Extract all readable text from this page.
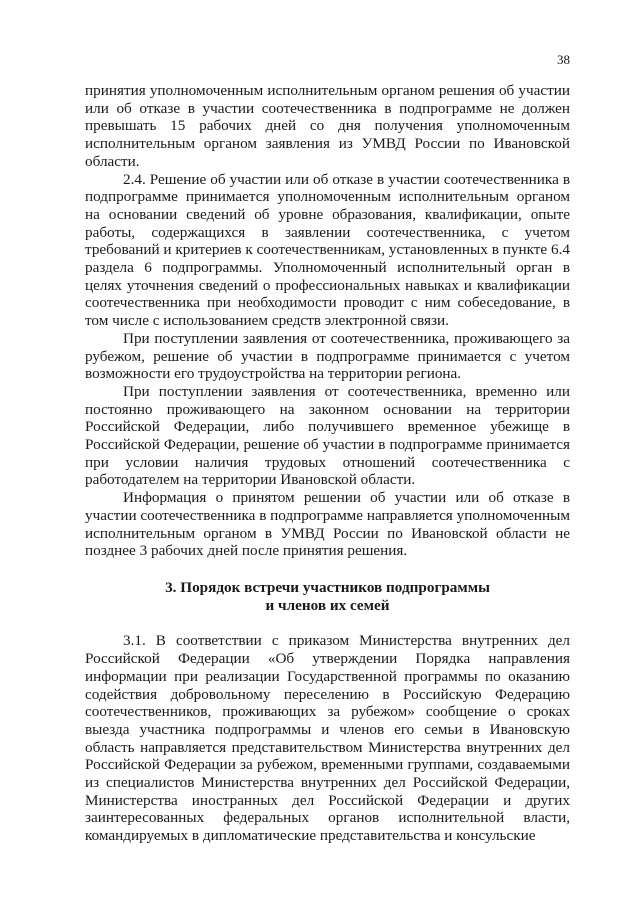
38

принятия уполномоченным исполнительным органом решения об участии или об отказе в участии соотечественника в подпрограмме не должен превышать 15 рабочих дней со дня получения уполномоченным исполнительным органом заявления из УМВД России по Ивановской области.

2.4. Решение об участии или об отказе в участии соотечественника в подпрограмме принимается уполномоченным исполнительным органом на основании сведений об уровне образования, квалификации, опыте работы, содержащихся в заявлении соотечественника, с учетом требований и критериев к соотечественникам, установленных в пункте 6.4 раздела 6 подпрограммы. Уполномоченный исполнительный орган в целях уточнения сведений о профессиональных навыках и квалификации соотечественника при необходимости проводит с ним собеседование, в том числе с использованием средств электронной связи.

При поступлении заявления от соотечественника, проживающего за рубежом, решение об участии в подпрограмме принимается с учетом возможности его трудоустройства на территории региона.

При поступлении заявления от соотечественника, временно или постоянно проживающего на законном основании на территории Российской Федерации, либо получившего временное убежище в Российской Федерации, решение об участии в подпрограмме принимается при условии наличия трудовых отношений соотечественника с работодателем на территории Ивановской области.

Информация о принятом решении об участии или об отказе в участии соотечественника в подпрограмме направляется уполномоченным исполнительным органом в УМВД России по Ивановской области не позднее 3 рабочих дней после принятия решения.

3. Порядок встречи участников подпрограммы

и членов их семей

3.1. В соответствии с приказом Министерства внутренних дел Российской Федерации «Об утверждении Порядка направления информации при реализации Государственной программы по оказанию содействия добровольному переселению в Российскую Федерацию соотечественников, проживающих за рубежом» сообщение о сроках выезда участника подпрограммы и членов его семьи в Ивановскую область направляется представительством Министерства внутренних дел Российской Федерации за рубежом, временными группами, создаваемыми из специалистов Министерства внутренних дел Российской Федерации, Министерства иностранных дел Российской Федерации и других заинтересованных федеральных органов исполнительной власти, командируемых в дипломатические представительства и консульские
